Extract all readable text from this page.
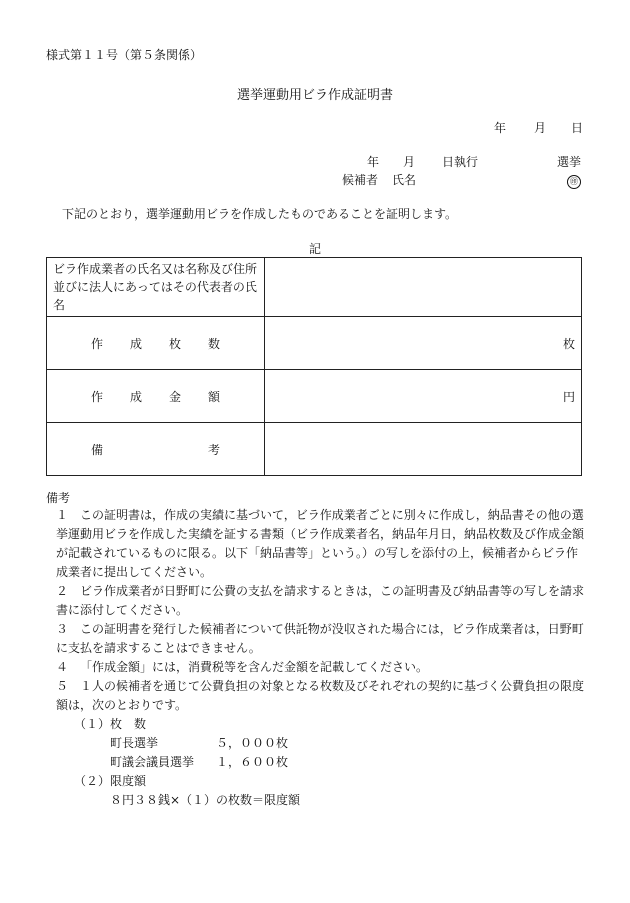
様式第１１号（第５条関係）
選挙運動用ビラ作成証明書
年 月 日
年 月 日執行	選挙
候補者 氏名	㊞
下記のとおり，選挙運動用ビラを作成したものであることを証明します。
記
ビラ作成業者の氏名又は名称及び住所並びに法人にあってはその代表者の氏名	

作 成 枚 数	枚

作 成 金 額	円

備 考	

備考
１ この証明書は，作成の実績に基づいて，ビラ作成業者ごとに別々に作成し，納品書その他の選挙運動用ビラを作成した実績を証する書類（ビラ作成業者名，納品年月日，納品枚数及び作成金額が記載されているものに限る。以下「納品書等」という。）の写しを添付の上，候補者からビラ作成業者に提出してください。
２ ビラ作成業者が日野町に公費の支払を請求するときは，この証明書及び納品書等の写しを請求書に添付してください。
３ この証明書を発行した候補者について供託物が没収された場合には，ビラ作成業者は，日野町に支払を請求することはできません。
４ 「作成金額」には，消費税等を含んだ金額を記載してください。
５ １人の候補者を通じて公費負担の対象となる枚数及びそれぞれの契約に基づく公費負担の限度額は，次のとおりです。
（１）枚　数
町長選挙	５，０００枚
町議会議員選挙 １，６００枚
（２）限度額
８円３８銭×（１）の枚数＝限度額
